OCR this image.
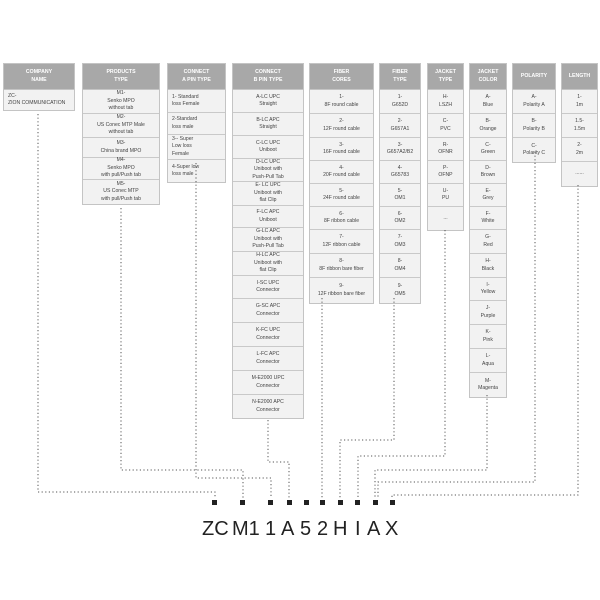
COMPANY
NAME
ZC-
ZION COMMUNICATION
PRODUCTS
TYPE
M1-
Senko MPO
without tab
M2-
US Conec MTP Male
without tab
M3-
China brand MPO
M4-
Senko MPO
with pull/Push tab
M5-
US Conec MTP
with pull/Push tab
CONNECT
A PIN TYPE
1- Standard
loss Female
2-Standard
loss male
3-- Super
Low loss
Female
4-Super low
loss male
CONNECT
B PIN TYPE
A-LC UPC
Straight
B-LC APC
Straight
C-LC UPC
Uniboot
D-LC UPC
Uniboot with
Push-Pull Tab
E- LC UPC
Uniboot with
flat Clip
F-LC APC
Uniboot
G-LC APC
Uniboot with
Push-Pull Tab
H-LC APC
Uniboot with
flat Clip
I-SC UPC
Connector
G-SC APC
Connector
K-FC UPC
Connector
L-FC APC
Connector
M-E2000 UPC
Connector
N-E2000 APC
Connector
FIBER
CORES
1-
8F round cable
2-
12F round cable
3-
16F round cable
4-
20F round cable
5-
24F round cable
6-
8F ribbon cable
7-
12F ribbon cable
8-
8F ribbon bare fiber
9-
12F ribbon bare fiber
FIBER
TYPE
1-
G652D
2-
G657A1
3-
G657A2/B2
4-
G65783
5-
OM1
6-
OM2
7-
OM3
8-
OM4
9-
OM5
JACKET
TYPE
H-
LSZH
C-
PVC
R-
OFNR
P-
OFNP
U-
PU
...
JACKET
COLOR
A-
Blue
B-
Orange
C-
Green
D-
Brown
E-
Grey
F-
White
G-
Red
H-
Black
I-
Yellow
J-
Purple
K-
Pink
L-
Aqua
M-
Magenta
POLARITY
A-
Polarity A
B-
Polarity B
C-
Polarity C
LENGTH
1-
1m
1.5-
1.5m
2-
2m
......
ZC M1 1 A 5 2 H I A X
